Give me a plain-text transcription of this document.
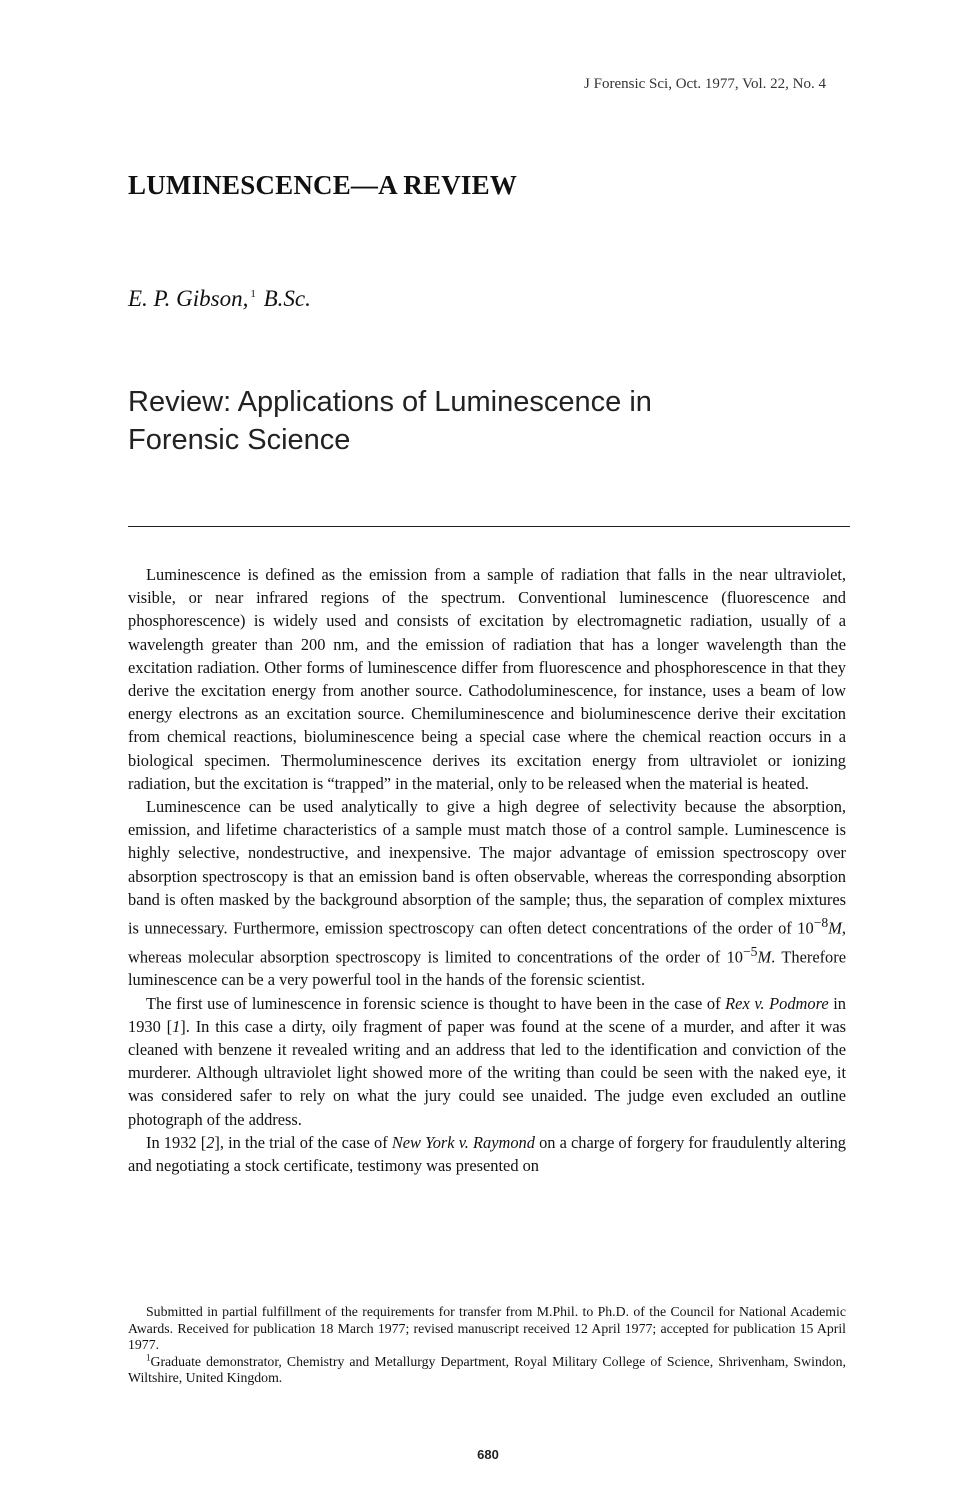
J Forensic Sci, Oct. 1977, Vol. 22, No. 4
LUMINESCENCE—A REVIEW
E. P. Gibson, $^1$ B.Sc.
Review: Applications of Luminescence in Forensic Science

Luminescence is defined as the emission from a sample of radiation that falls in the near ultraviolet, visible, or near infrared regions of the spectrum. Conventional luminescence (fluorescence and phosphorescence) is widely used and consists of excitation by electromagnetic radiation, usually of a wavelength greater than 200 nm, and the emission of radiation that has a longer wavelength than the excitation radiation. Other forms of luminescence differ from fluorescence and phosphorescence in that they derive the excitation energy from another source. Cathodoluminescence, for instance, uses a beam of low energy electrons as an excitation source. Chemiluminescence and bioluminescence derive their excitation from chemical reactions, bioluminescence being a special case where the chemical reaction occurs in a biological specimen. Thermoluminescence derives its excitation energy from ultraviolet or ionizing radiation, but the excitation is “trapped” in the material, only to be released when the material is heated.

Luminescence can be used analytically to give a high degree of selectivity because the absorption, emission, and lifetime characteristics of a sample must match those of a control sample. Luminescence is highly selective, nondestructive, and inexpensive. The major advantage of emission spectroscopy over absorption spectroscopy is that an emission band is often observable, whereas the corresponding absorption band is often masked by the background absorption of the sample; thus, the separation of complex mixtures is unnecessary. Furthermore, emission spectroscopy can often detect concentrations of the order of $10^{-8}M$, whereas molecular absorption spectroscopy is limited to concentrations of the order of $10^{-5}M$. Therefore luminescence can be a very powerful tool in the hands of the forensic scientist.

The first use of luminescence in forensic science is thought to have been in the case of Rex v. Podmore in 1930 [1]. In this case a dirty, oily fragment of paper was found at the scene of a murder, and after it was cleaned with benzene it revealed writing and an address that led to the identification and conviction of the murderer. Although ultraviolet light showed more of the writing than could be seen with the naked eye, it was considered safer to rely on what the jury could see unaided. The judge even excluded an outline photograph of the address.

In 1932 [2], in the trial of the case of New York v. Raymond on a charge of forgery for fraudulently altering and negotiating a stock certificate, testimony was presented on

Submitted in partial fulfillment of the requirements for transfer from M.Phil. to Ph.D. of the Council for National Academic Awards. Received for publication 18 March 1977; revised manuscript received 12 April 1977; accepted for publication 15 April 1977.

$^1$Graduate demonstrator, Chemistry and Metallurgy Department, Royal Military College of Science, Shrivenham, Swindon, Wiltshire, United Kingdom.

680
